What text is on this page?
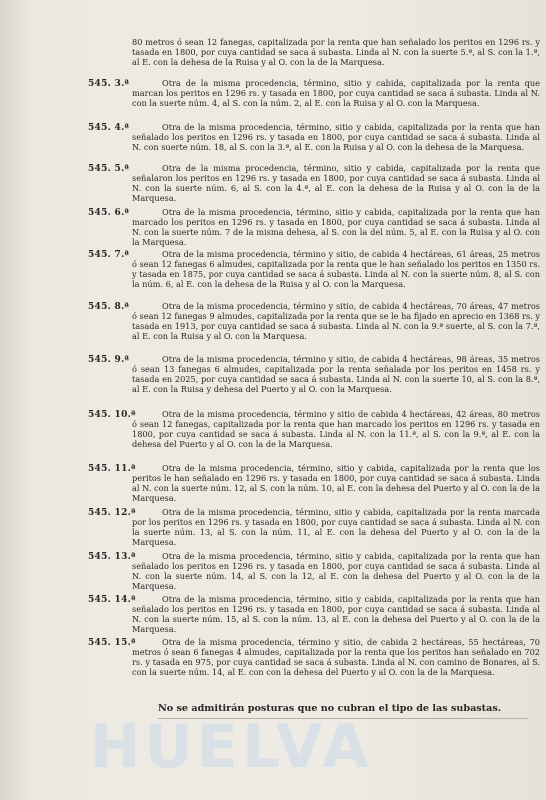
HUELVA
80 metros ó sean 12 fanegas, capitalizada por la renta que han señalado los peritos en 1296 rs. y tasada en 1800, por cuya cantidad se saca á subasta. Linda al N. con la suerte 5.ª, al S. con la 1.ª, al E. con la dehesa de la Ruisa y al O. con la de la Marquesa.
545. 3.ª	Otra de la misma procedencia, término, sitio y cabida, capitalizada por la renta que marcan los peritos en 1296 rs. y tasada en 1800, por cuya cantidad se saca á subasta. Linda al N. con la suerte núm. 4, al S. con la núm. 2, al E. con la Ruisa y al O. con la Marquesa.
545. 4.ª	Otra de la misma procedencia, término, sitio y cabida, capitalizada por la renta que han señalado los peritos en 1296 rs. y tasada en 1800, por cuya cantidad se saca á subasta. Linda al N. con suerte núm. 18, al S. con la 3.ª, al E. con la Ruisa y al O. con la dehesa de la Marquesa.
545. 5.ª	Otra de la misma procedencia, término, sitio y cabida, capitalizada por la renta que señalaron los peritos en 1296 rs. y tasada en 1800, por cuya cantidad se saca á subasta. Linda al N. con la suerte núm. 6, al S. con la 4.ª, al E. con la dehesa de la Ruisa y al O. con la de la Marquesa.
545. 6.ª	Otra de la misma procedencia, término, sitio y cabida, capitalizada por la renta que han marcado los peritos en 1296 rs. y tasada en 1800, por cuya cantidad se saca á subasta. Linda al N. con la suerte núm. 7 de la misma dehesa, al S. con la del núm. 5, al E. con la Ruisa y al O. con la Marquesa.
545. 7.ª	Otra de la misma procedencia, término y sitio, de cabida 4 hectáreas, 61 áreas, 25 metros ó sean 12 fanegas 6 almudes, capitalizada por la renta que le han señalado los peritos en 1350 rs. y tasada en 1875, por cuya cantidad se saca á subasta. Linda al N. con la suerte núm. 8, al S. con la núm. 6, al E. con la dehesa de la Ruisa y al O. con la Marquesa.
545. 8.ª	Otra de la misma procedencia, término y sitio, de cabida 4 hectáreas, 70 áreas, 47 metros ó sean 12 fanegas 9 almudes, capitalizada por la renta que se le ha fijado en aprecio en 1368 rs. y tasada en 1913, por cuya cantidad se saca á subasta. Linda al N. con la 9.ª suerte, al S. con la 7.ª, al E. con la Ruisa y al O. con la Marquesa.
545. 9.ª	Otra de la misma procedencia, término y sitio, de cabida 4 hectáreas, 98 áreas, 35 metros ó sean 13 fanegas 6 almudes, capitalizada por la renta señalada por los peritos en 1458 rs. y tasada en 2025, por cuya cantidad se saca á subasta. Linda al N. con la suerte 10, al S. con la 8.ª, al E. con la Ruisa y dehesa del Puerto y al O. con la Marquesa.
545. 10.ª	Otra de la misma procedencia, término y sitio de cabida 4 hectáreas, 42 áreas, 80 metros ó sean 12 fanegas, capitalizada por la renta que han marcado los peritos en 1296 rs. y tasada en 1800, por cuya cantidad se saca á subasta. Linda al N. con la 11.ª, al S. con la 9.ª, al E. con la dehesa del Puerto y al O. con la de la Marquesa.
545. 11.ª	Otra de la misma procedencia, término, sitio y cabida, capitalizada por la renta que los peritos le han señalado en 1296 rs. y tasada en 1800, por cuya cantidad se saca á subasta. Linda al N. con la suerte núm. 12, al S. con la núm. 10, al E. con la dehesa del Puerto y al O. con la de la Marquesa.
545. 12.ª	Otra de la misma procedencia, término, sitio y cabida, capitalizada por la renta marcada por los peritos en 1296 rs. y tasada en 1800, por cuya cantidad se saca á subasta. Linda al N. con la suerte núm. 13, al S. con la núm. 11, al E. con la dehesa del Puerto y al O. con la de la Marquesa.
545. 13.ª	Otra de la misma procedencia, término, sitio y cabida, capitalizada por la renta que han señalado los peritos en 1296 rs. y tasada en 1800, por cuya cantidad se saca á subasta. Linda al N. con la suerte núm. 14, al S. con la 12, al E. con la dehesa del Puerto y al O. con la de la Marquesa.
545. 14.ª	Otra de la misma procedencia, término, sitio y cabida, capitalizada por la renta que han señalado los peritos en 1296 rs. y tasada en 1800, por cuya cantidad se saca á subasta. Linda al N. con la suerte núm. 15, al S. con la núm. 13, al E. con la dehesa del Puerto y al O. con la de la Marquesa.
545. 15.ª	Otra de la misma procedencia, término y sitio, de cabida 2 hectáreas, 55 hectáreas, 70 metros ó sean 6 fanegas 4 almudes, capitalizada por la renta que los peritos han señalado en 702 rs. y tasada en 975, por cuya cantidad se saca á subasta. Linda al N. con camino de Bonares, al S. con la suerte núm. 14, al E. con con la dehesa del Puerto y al O. con la de la Marquesa.
No se admitirán posturas que no cubran el tipo de las subastas.
